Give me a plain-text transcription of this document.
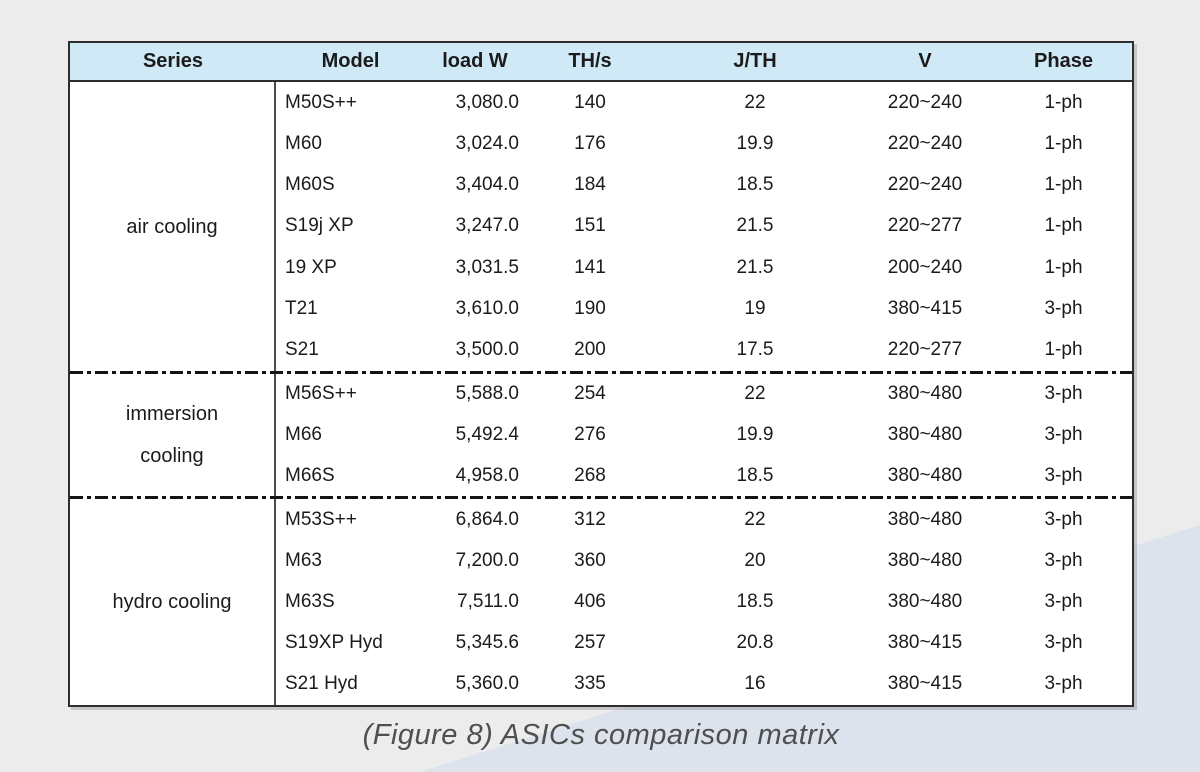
Series	Model	load W	TH/s	J/TH	V	Phase
air cooling
M50S++	3,080.0	140	22	220~240	1-ph
M60	3,024.0	176	19.9	220~240	1-ph
M60S	3,404.0	184	18.5	220~240	1-ph
S19j XP	3,247.0	151	21.5	220~277	1-ph
19 XP	3,031.5	141	21.5	200~240	1-ph
T21	3,610.0	190	19	380~415	3-ph
S21	3,500.0	200	17.5	220~277	1-ph
immersion
cooling
M56S++	5,588.0	254	22	380~480	3-ph
M66	5,492.4	276	19.9	380~480	3-ph
M66S	4,958.0	268	18.5	380~480	3-ph
hydro cooling
M53S++	6,864.0	312	22	380~480	3-ph
M63	7,200.0	360	20	380~480	3-ph
M63S	7,511.0	406	18.5	380~480	3-ph
S19XP Hyd	5,345.6	257	20.8	380~415	3-ph
S21 Hyd	5,360.0	335	16	380~415	3-ph
(Figure 8) ASICs comparison matrix
